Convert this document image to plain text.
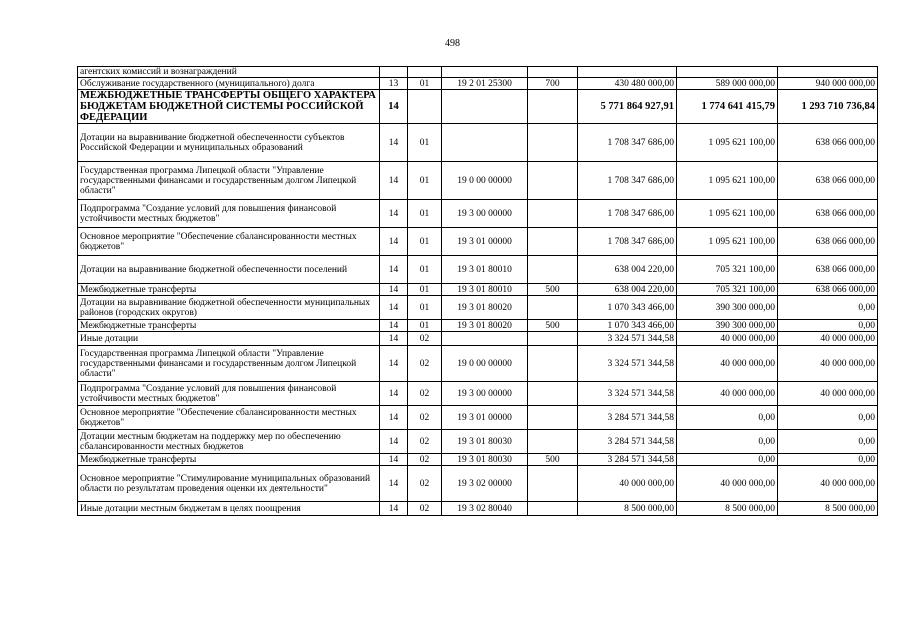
498
агентских комиссий и вознаграждений							
Обслуживание государственного (муниципального) долга	13	01	19 2 01 25300	700	430 480 000,00	589 000 000,00	940 000 000,00
МЕЖБЮДЖЕТНЫЕ ТРАНСФЕРТЫ ОБЩЕГО ХАРАКТЕРА БЮДЖЕТАМ БЮДЖЕТНОЙ СИСТЕМЫ РОССИЙСКОЙ ФЕДЕРАЦИИ	14				5 771 864 927,91	1 774 641 415,79	1 293 710 736,84
Дотации на выравнивание бюджетной обеспеченности субъектов Российской Федерации и муниципальных образований	14	01			1 708 347 686,00	1 095 621 100,00	638 066 000,00
Государственная программа Липецкой области "Управление государственными финансами и государственным долгом Липецкой области"	14	01	19 0 00 00000		1 708 347 686,00	1 095 621 100,00	638 066 000,00
Подпрограмма "Создание условий для повышения финансовой устойчивости местных бюджетов"	14	01	19 3 00 00000		1 708 347 686,00	1 095 621 100,00	638 066 000,00
Основное мероприятие "Обеспечение сбалансированности местных бюджетов"	14	01	19 3 01 00000		1 708 347 686,00	1 095 621 100,00	638 066 000,00
Дотации на выравнивание бюджетной обеспеченности поселений	14	01	19 3 01 80010		638 004 220,00	705 321 100,00	638 066 000,00
Межбюджетные трансферты	14	01	19 3 01 80010	500	638 004 220,00	705 321 100,00	638 066 000,00
Дотации на выравнивание бюджетной обеспеченности муниципальных районов (городских округов)	14	01	19 3 01 80020		1 070 343 466,00	390 300 000,00	0,00
Межбюджетные трансферты	14	01	19 3 01 80020	500	1 070 343 466,00	390 300 000,00	0,00
Иные дотации	14	02			3 324 571 344,58	40 000 000,00	40 000 000,00
Государственная программа Липецкой области "Управление государственными финансами и государственным долгом Липецкой области"	14	02	19 0 00 00000		3 324 571 344,58	40 000 000,00	40 000 000,00
Подпрограмма "Создание условий для повышения финансовой устойчивости местных бюджетов"	14	02	19 3 00 00000		3 324 571 344,58	40 000 000,00	40 000 000,00
Основное мероприятие "Обеспечение сбалансированности местных бюджетов"	14	02	19 3 01 00000		3 284 571 344,58	0,00	0,00
Дотации местным бюджетам на поддержку мер по обеспечению сбалансированности местных бюджетов	14	02	19 3 01 80030		3 284 571 344,58	0,00	0,00
Межбюджетные трансферты	14	02	19 3 01 80030	500	3 284 571 344,58	0,00	0,00
Основное мероприятие "Стимулирование муниципальных образований области по результатам проведения оценки их деятельности"	14	02	19 3 02 00000		40 000 000,00	40 000 000,00	40 000 000,00
Иные дотации местным бюджетам в целях поощрения	14	02	19 3 02 80040		8 500 000,00	8 500 000,00	8 500 000,00
